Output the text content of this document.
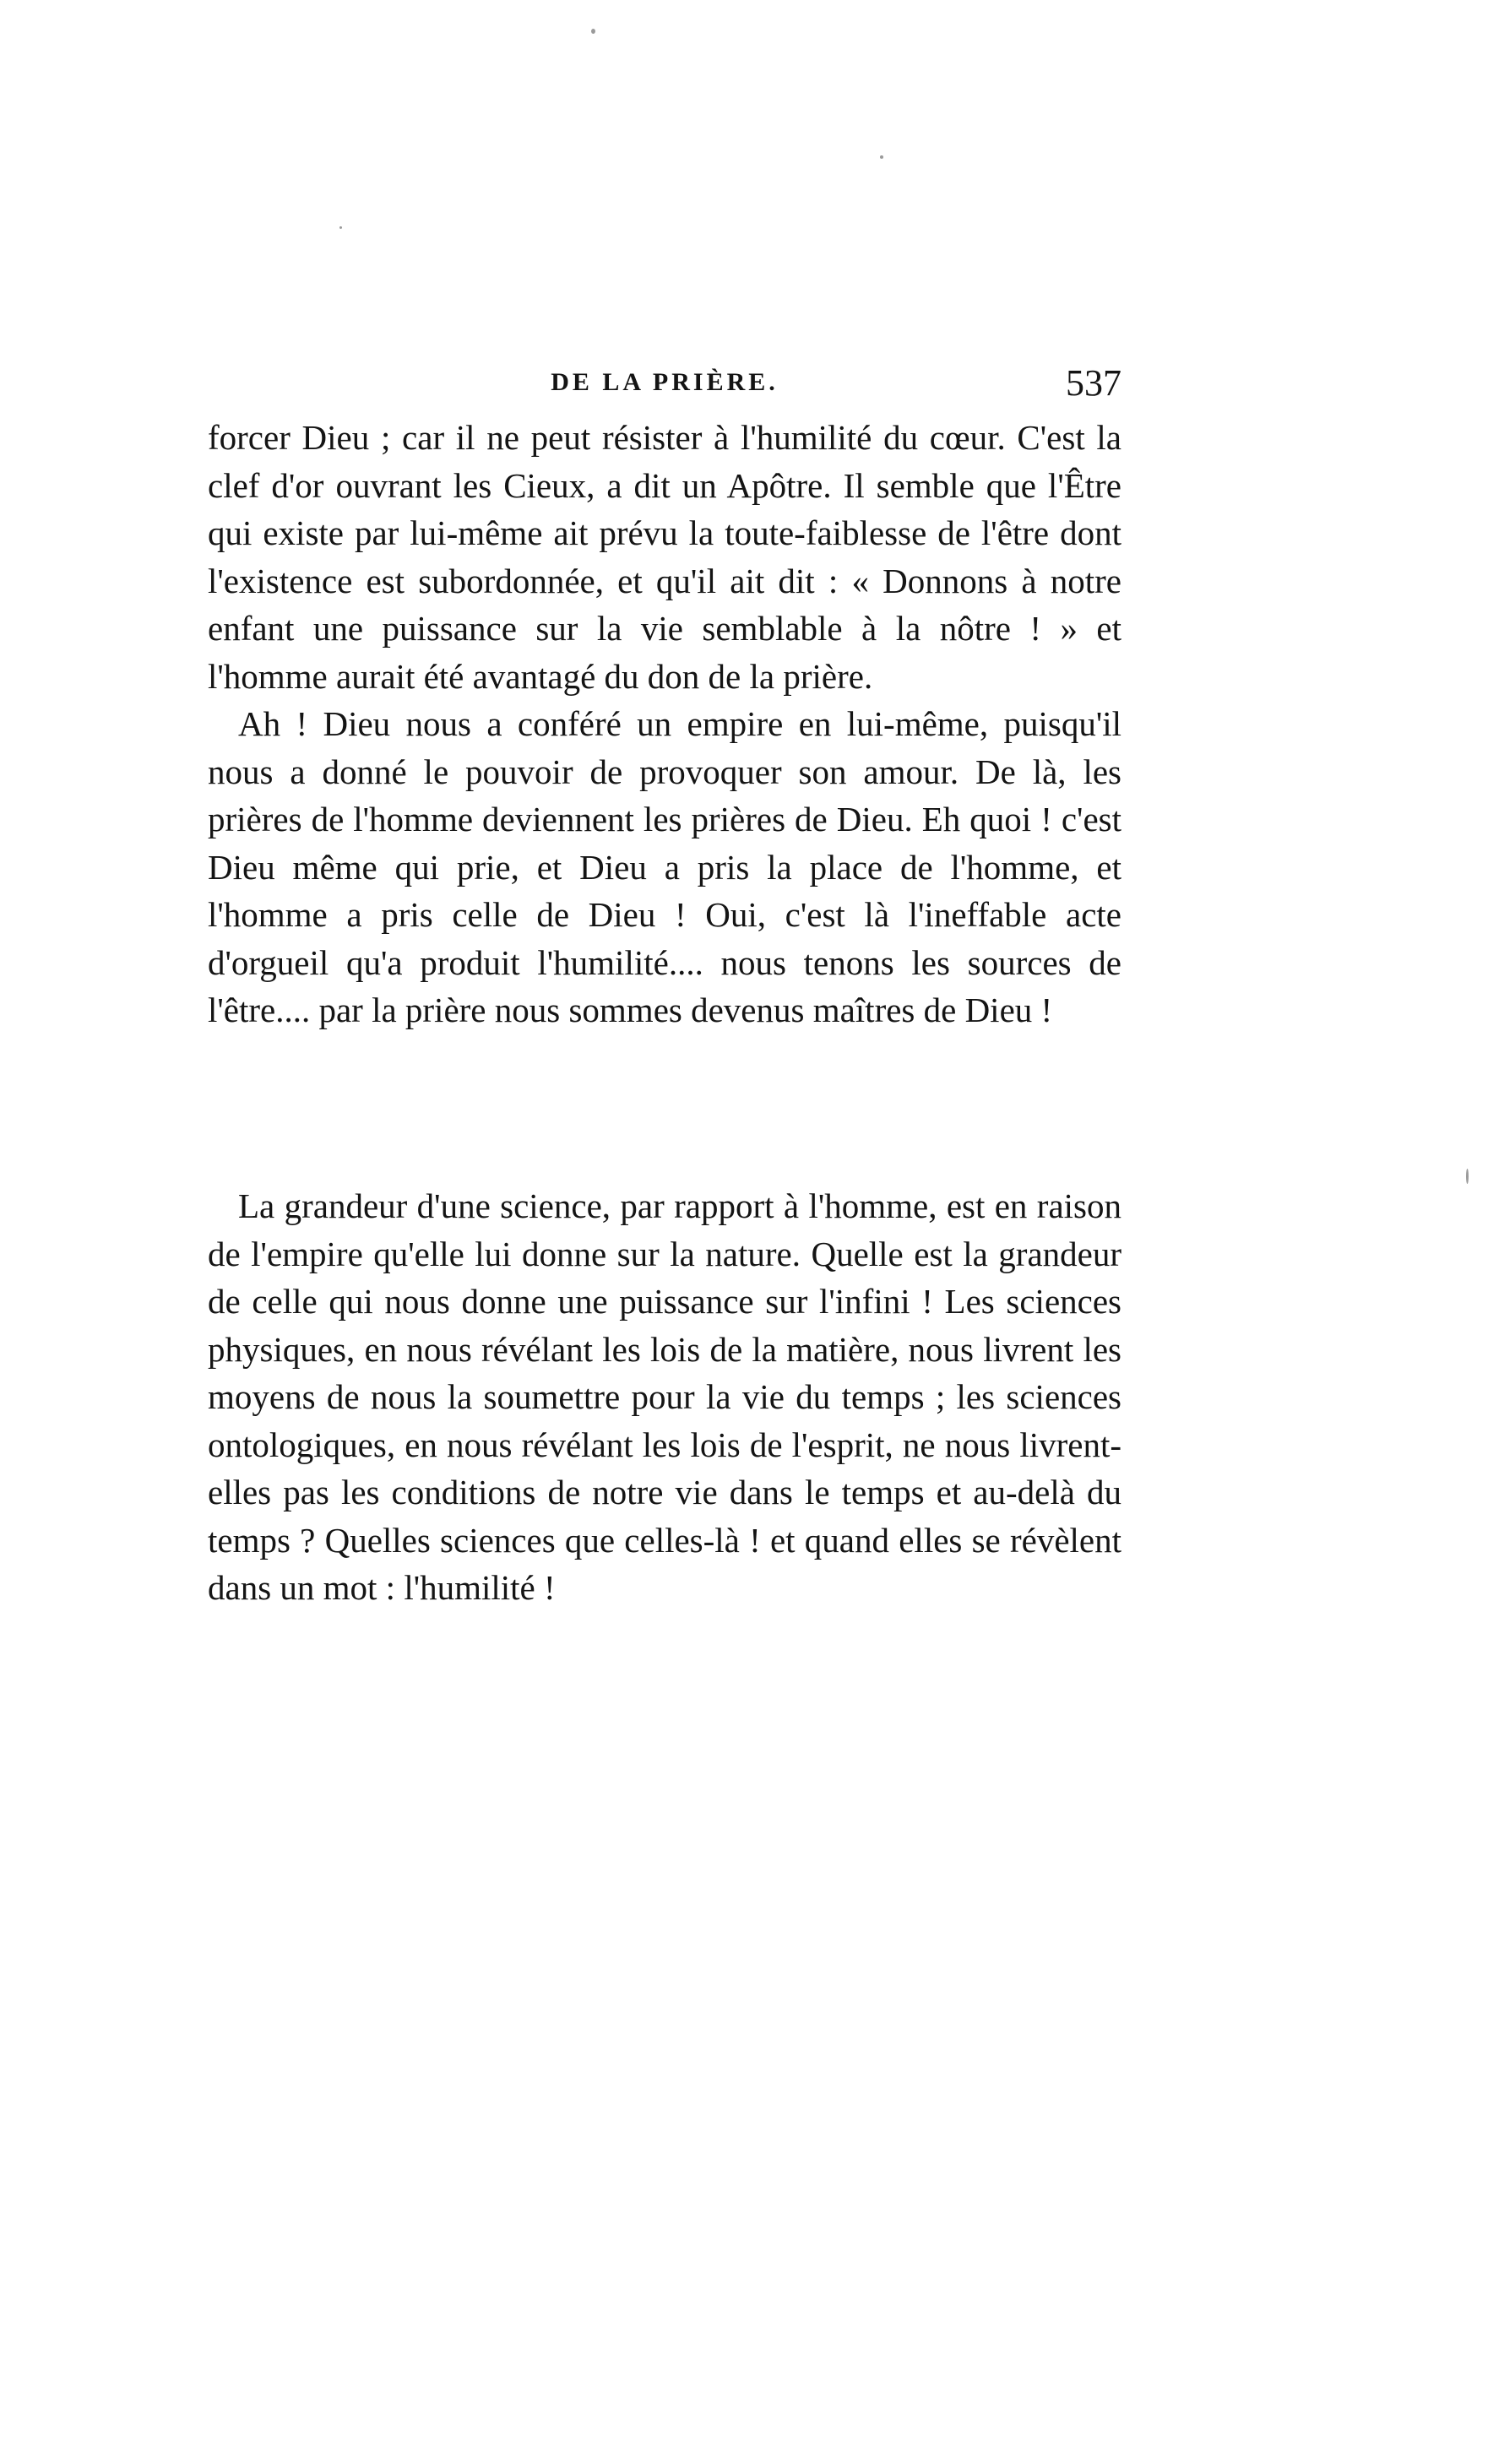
DE LA PRIÈRE.	537

forcer Dieu ; car il ne peut résister à l'humilité du cœur. C'est la clef d'or ouvrant les Cieux, a dit un Apôtre. Il semble que l'Être qui existe par lui-même ait prévu la toute-faiblesse de l'être dont l'existence est subordonnée, et qu'il ait dit : « Donnons à notre enfant une puissance sur la vie semblable à la nôtre ! » et l'homme aurait été avantagé du don de la prière.

Ah ! Dieu nous a conféré un empire en lui-même, puisqu'il nous a donné le pouvoir de provoquer son amour. De là, les prières de l'homme deviennent les prières de Dieu. Eh quoi ! c'est Dieu même qui prie, et Dieu a pris la place de l'homme, et l'homme a pris celle de Dieu ! Oui, c'est là l'ineffable acte d'orgueil qu'a produit l'humilité.... nous tenons les sources de l'être.... par la prière nous sommes devenus maîtres de Dieu !

La grandeur d'une science, par rapport à l'homme, est en raison de l'empire qu'elle lui donne sur la nature. Quelle est la grandeur de celle qui nous donne une puissance sur l'infini ! Les sciences physiques, en nous révélant les lois de la matière, nous livrent les moyens de nous la soumettre pour la vie du temps ; les sciences ontologiques, en nous révélant les lois de l'esprit, ne nous livrent-elles pas les conditions de notre vie dans le temps et au-delà du temps ? Quelles sciences que celles-là ! et quand elles se révèlent dans un mot : l'humilité !
